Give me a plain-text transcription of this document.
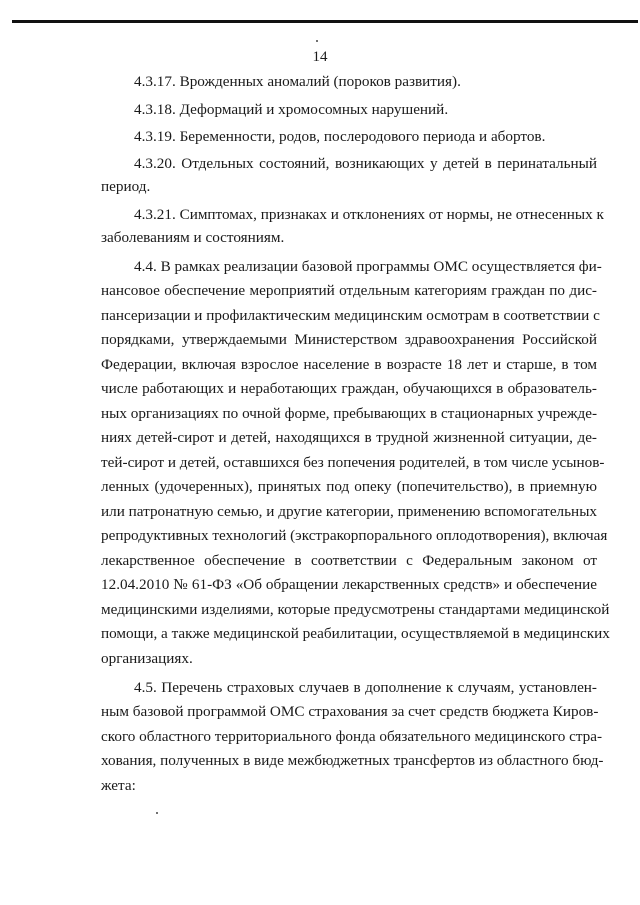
14
4.3.17. Врожденных аномалий (пороков развития).
4.3.18. Деформаций и хромосомных нарушений.
4.3.19. Беременности, родов, послеродового периода и абортов.
4.3.20. Отдельных состояний, возникающих у детей в перинатальный
период.
4.3.21. Симптомах, признаках и отклонениях от нормы, не отнесенных к
заболеваниям и состояниям.
4.4. В рамках реализации базовой программы ОМС осуществляется фи-
нансовое обеспечение мероприятий отдельным категориям граждан по дис-
пансеризации и профилактическим медицинским осмотрам в соответствии с
порядками, утверждаемыми Министерством здравоохранения Российской
Федерации, включая взрослое население в возрасте 18 лет и старше, в том
числе работающих и неработающих граждан, обучающихся в образователь-
ных организациях по очной форме, пребывающих в стационарных учрежде-
ниях детей-сирот и детей, находящихся в трудной жизненной ситуации, де-
тей-сирот и детей, оставшихся без попечения родителей, в том числе усынов-
ленных (удочеренных), принятых под опеку (попечительство), в приемную
или патронатную семью, и другие категории, применению вспомогательных
репродуктивных технологий (экстракорпорального оплодотворения), включая
лекарственное обеспечение в соответствии с Федеральным законом от
12.04.2010 № 61-ФЗ «Об обращении лекарственных средств» и обеспечение
медицинскими изделиями, которые предусмотрены стандартами медицинской
помощи, а также медицинской реабилитации, осуществляемой в медицинских
организациях.
4.5. Перечень страховых случаев в дополнение к случаям, установлен-
ным базовой программой ОМС страхования за счет средств бюджета Киров-
ского областного территориального фонда обязательного медицинского стра-
хования, полученных в виде межбюджетных трансфертов из областного бюд-
жета:
